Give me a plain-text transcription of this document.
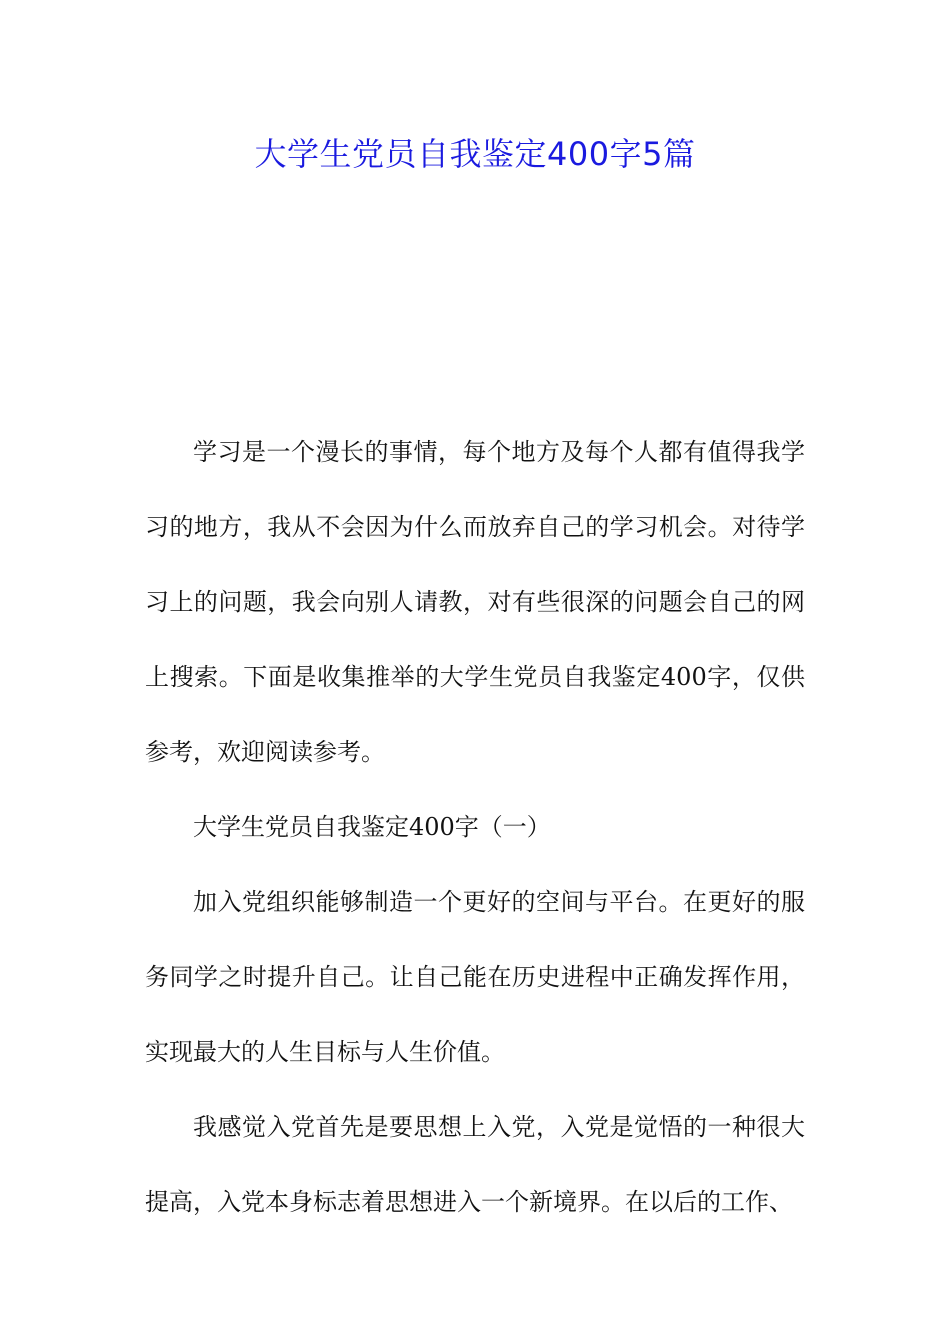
大学生党员自我鉴定400字5篇

学习是一个漫长的事情，每个地方及每个人都有值得我学习的地方，我从不会因为什么而放弃自己的学习机会。对待学习上的问题，我会向别人请教，对有些很深的问题会自己的网上搜索。下面是收集推举的大学生党员自我鉴定400字，仅供参考，欢迎阅读参考。

大学生党员自我鉴定400字（一）

加入党组织能够制造一个更好的空间与平台。在更好的服务同学之时提升自己。让自己能在历史进程中正确发挥作用，实现最大的人生目标与人生价值。

我感觉入党首先是要思想上入党，入党是觉悟的一种很大提高，入党本身标志着思想进入一个新境界。在以后的工作、
